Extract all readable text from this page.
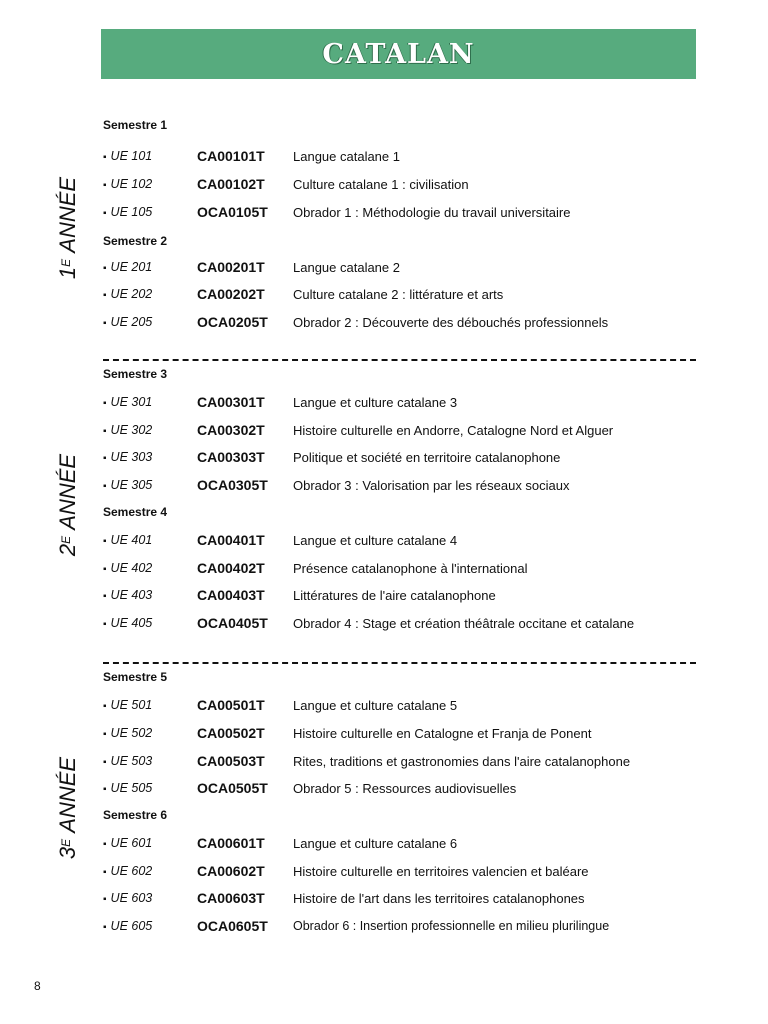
CATALAN
1
$^E$

ANNÉE
2
$^E$

ANNÉE
3
$^E$

ANNÉE
Semestre 1
▪ UE 101	CA00101T	Langue catalane 1
▪ UE 102	CA00102T	Culture catalane 1 : civilisation
▪ UE 105	OCA0105T	Obrador 1 : Méthodologie du travail universitaire
Semestre 2
▪ UE 201	CA00201T	Langue catalane 2
▪ UE 202	CA00202T	Culture catalane 2 : littérature et arts
▪ UE 205	OCA0205T	Obrador 2 : Découverte des débouchés professionnels
Semestre 3
▪ UE 301	CA00301T	Langue et culture catalane 3
▪ UE 302	CA00302T	Histoire culturelle en Andorre, Catalogne Nord et Alguer
▪ UE 303	CA00303T	Politique et société en territoire catalanophone
▪ UE 305	OCA0305T	Obrador 3 : Valorisation par les réseaux sociaux
Semestre 4
▪ UE 401	CA00401T	Langue et culture catalane 4
▪ UE 402	CA00402T	Présence catalanophone à l'international
▪ UE 403	CA00403T	Littératures de l'aire catalanophone
▪ UE 405	OCA0405T	Obrador 4 : Stage et création théâtrale occitane et catalane
Semestre 5
▪ UE 501	CA00501T	Langue et culture catalane 5
▪ UE 502	CA00502T	Histoire culturelle en Catalogne et Franja de Ponent
▪ UE 503	CA00503T	Rites, traditions et gastronomies dans l'aire catalanophone
▪ UE 505	OCA0505T	Obrador 5 : Ressources audiovisuelles
Semestre 6
▪ UE 601	CA00601T	Langue et culture catalane 6
▪ UE 602	CA00602T	Histoire culturelle en territoires valencien et baléare
▪ UE 603	CA00603T	Histoire de l'art dans les territoires catalanophones
▪ UE 605	OCA0605T	Obrador 6 : Insertion professionnelle en milieu plurilingue
8
